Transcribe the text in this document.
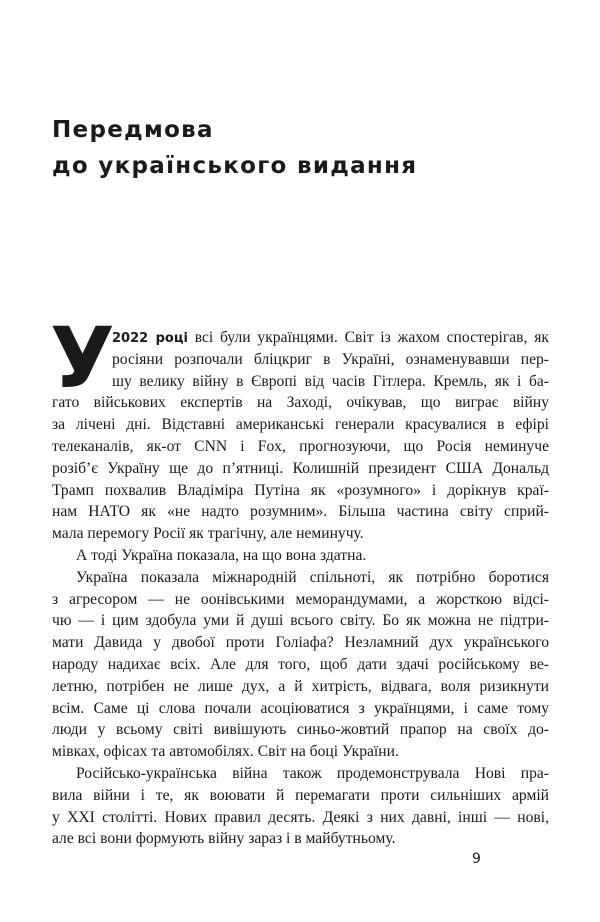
Передмова
до українського видання
У
2022 році всі були українцями. Світ із жахом спостерігав, як
росіяни розпочали бліцкриг в Україні, ознаменувавши пер-
шу велику війну в Європі від часів Гітлера. Кремль, як і ба-
гато військових експертів на Заході, очікував, що виграє війну
за лічені дні. Відставні американські генерали красувалися в ефірі
телеканалів, як-от CNN і Fox, прогнозуючи, що Росія неминуче
розіб’є Україну ще до п’ятниці. Колишній президент США Дональд
Трамп похвалив Владіміра Путіна як «розумного» і дорікнув краї-
нам НАТО як «не надто розумним». Більша частина світу сприй-
мала перемогу Росії як трагічну, але неминучу.
А тоді Україна показала, на що вона здатна.
Україна показала міжнародній спільноті, як потрібно боротися
з агресором — не оонівськими меморандумами, а жорсткою відсі-
чю — і цим здобула уми й душі всього світу. Бо як можна не підтри-
мати Давида у двобої проти Голіафа? Незламний дух українського
народу надихає всіх. Але для того, щоб дати здачі російському ве-
летню, потрібен не лише дух, а й хитрість, відвага, воля ризикнути
всім. Саме ці слова почали асоціюватися з українцями, і саме тому
люди у всьому світі вивішують синьо-жовтий прапор на своїх до-
мівках, офісах та автомобілях. Світ на боці України.
Російсько-українська війна також продемонструвала Нові пра-
вила війни і те, як воювати й перемагати проти сильніших армій
у XXI столітті. Нових правил десять. Деякі з них давні, інші — нові,
але всі вони формують війну зараз і в майбутньому.
9
